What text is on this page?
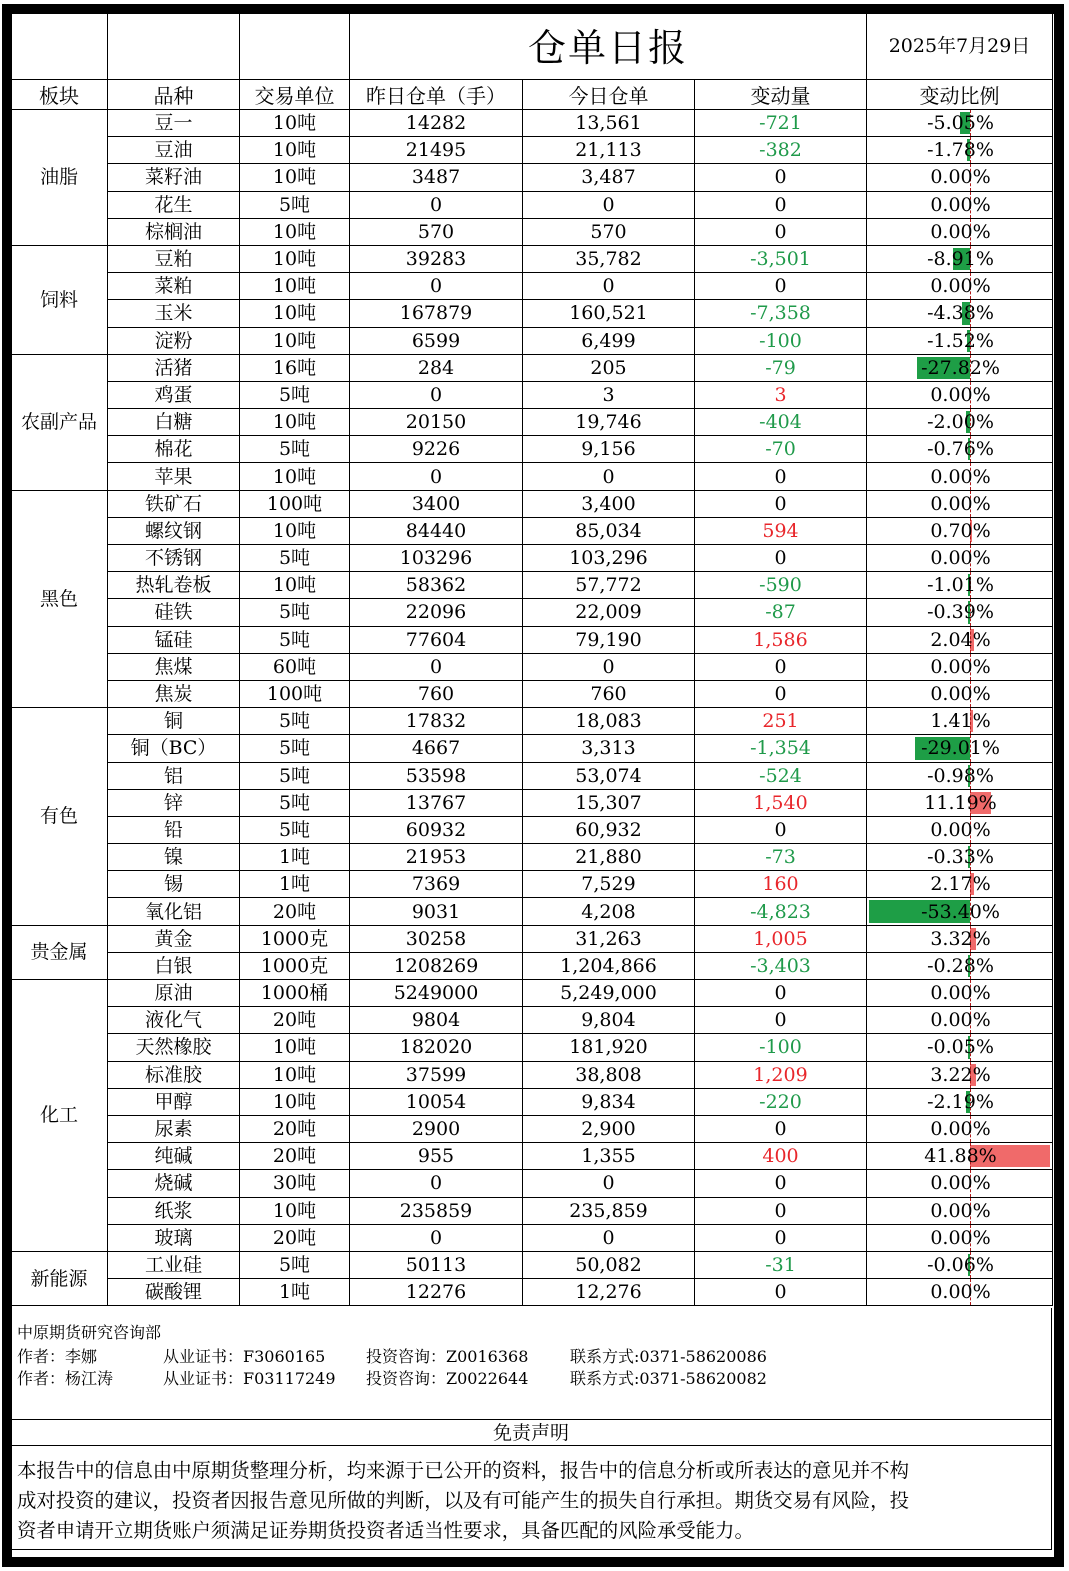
			仓单日报			2025年7月29日
板块	品种	交易单位	昨日仓单（手）	今日仓单	变动量	变动比例
油脂	豆一	10吨	14282	13,561	-721	-5.05%
	豆油	10吨	21495	21,113	-382	-1.78%
	菜籽油	10吨	3487	3,487	0	0.00%
	花生	5吨	0	0	0	0.00%
	棕榈油	10吨	570	570	0	0.00%
饲料	豆粕	10吨	39283	35,782	-3,501	-8.91%
	菜粕	10吨	0	0	0	0.00%
	玉米	10吨	167879	160,521	-7,358	-4.38%
	淀粉	10吨	6599	6,499	-100	-1.52%
农副产品	活猪	16吨	284	205	-79	-27.82%
	鸡蛋	5吨	0	3	3	0.00%
	白糖	10吨	20150	19,746	-404	-2.00%
	棉花	5吨	9226	9,156	-70	-0.76%
	苹果	10吨	0	0	0	0.00%
黑色	铁矿石	100吨	3400	3,400	0	0.00%
	螺纹钢	10吨	84440	85,034	594	0.70%
	不锈钢	5吨	103296	103,296	0	0.00%
	热轧卷板	10吨	58362	57,772	-590	-1.01%
	硅铁	5吨	22096	22,009	-87	-0.39%
	锰硅	5吨	77604	79,190	1,586	2.04%
	焦煤	60吨	0	0	0	0.00%
	焦炭	100吨	760	760	0	0.00%
有色	铜	5吨	17832	18,083	251	1.41%
	铜（BC）	5吨	4667	3,313	-1,354	-29.01%
	铝	5吨	53598	53,074	-524	-0.98%
	锌	5吨	13767	15,307	1,540	11.19%
	铅	5吨	60932	60,932	0	0.00%
	镍	1吨	21953	21,880	-73	-0.33%
	锡	1吨	7369	7,529	160	2.17%
	氧化铝	20吨	9031	4,208	-4,823	-53.40%
贵金属	黄金	1000克	30258	31,263	1,005	3.32%
	白银	1000克	1208269	1,204,866	-3,403	-0.28%
化工	原油	1000桶	5249000	5,249,000	0	0.00%
	液化气	20吨	9804	9,804	0	0.00%
	天然橡胶	10吨	182020	181,920	-100	-0.05%
	标准胶	10吨	37599	38,808	1,209	3.22%
	甲醇	10吨	10054	9,834	-220	-2.19%
	尿素	20吨	2900	2,900	0	0.00%
	纯碱	20吨	955	1,355	400	41.88%
	烧碱	30吨	0	0	0	0.00%
	纸浆	10吨	235859	235,859	0	0.00%
	玻璃	20吨	0	0	0	0.00%
新能源	工业硅	5吨	50113	50,082	-31	-0.06%
	碳酸锂	1吨	12276	12,276	0	0.00%
中原期货研究咨询部
作者：李娜	从业证书：F3060165	投资咨询：Z0016368	联系方式:0371-58620086
作者：杨江涛	从业证书：F03117249 投资咨询：Z0022644	联系方式:0371-58620082
免责声明
本报告中的信息由中原期货整理分析，均来源于已公开的资料，报告中的信息分析或所表达的意见并不构
成对投资的建议，投资者因报告意见所做的判断，以及有可能产生的损失自行承担。期货交易有风险，投
资者申请开立期货账户须满足证券期货投资者适当性要求，具备匹配的风险承受能力。
